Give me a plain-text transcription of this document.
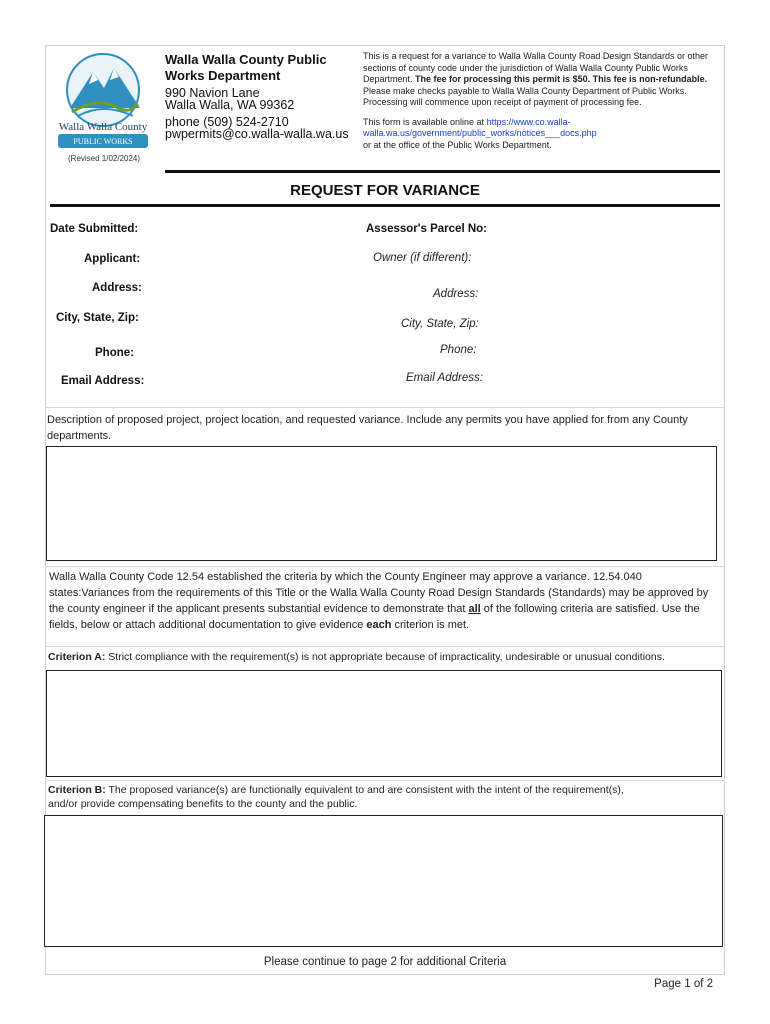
Walla Walla County
PUBLIC WORKS
(Revised 1/02/2024)
Walla Walla County Public Works Department
990 Navion Lane
Walla Walla, WA 99362
phone (509) 524-2710
pwpermits@co.walla-walla.wa.us
This is a request for a variance to Walla Walla County Road Design Standards or other sections of county code under the jurisdiction of Walla Walla County Public Works Department. The fee for processing this permit is $50. This fee is non-refundable. Please make checks payable to Walla Walla County Department of Public Works. Processing will commence upon receipt of payment of processing fee.
This form is available online at https://www.co.walla-walla.wa.us/government/public_works/notices___docs.php
or at the office of the Public Works Department.
REQUEST FOR VARIANCE
Date Submitted:
Applicant:
Address:
City, State, Zip:
Phone:
Email Address:
Assessor's Parcel No:
Owner (if different):
Address:
City, State, Zip:
Phone:
Email Address:
Description of proposed project, project location, and requested variance. Include any permits you have applied for from any County departments.
Walla Walla County Code 12.54 established the criteria by which the County Engineer may approve a variance. 12.54.040 states:Variances from the requirements of this Title or the Walla Walla County Road Design Standards (Standards) may be approved by the county engineer if the applicant presents substantial evidence to demonstrate that all of the following criteria are satisfied. Use the fields, below or attach additional documentation to give evidence each criterion is met.
Criterion A: Strict compliance with the requirement(s) is not appropriate because of impracticality, undesirable or unusual conditions.
Criterion B: The proposed variance(s) are functionally equivalent to and are consistent with the intent of the requirement(s), and/or provide compensating benefits to the county and the public.
Please continue to page 2 for additional Criteria
Page 1 of 2
